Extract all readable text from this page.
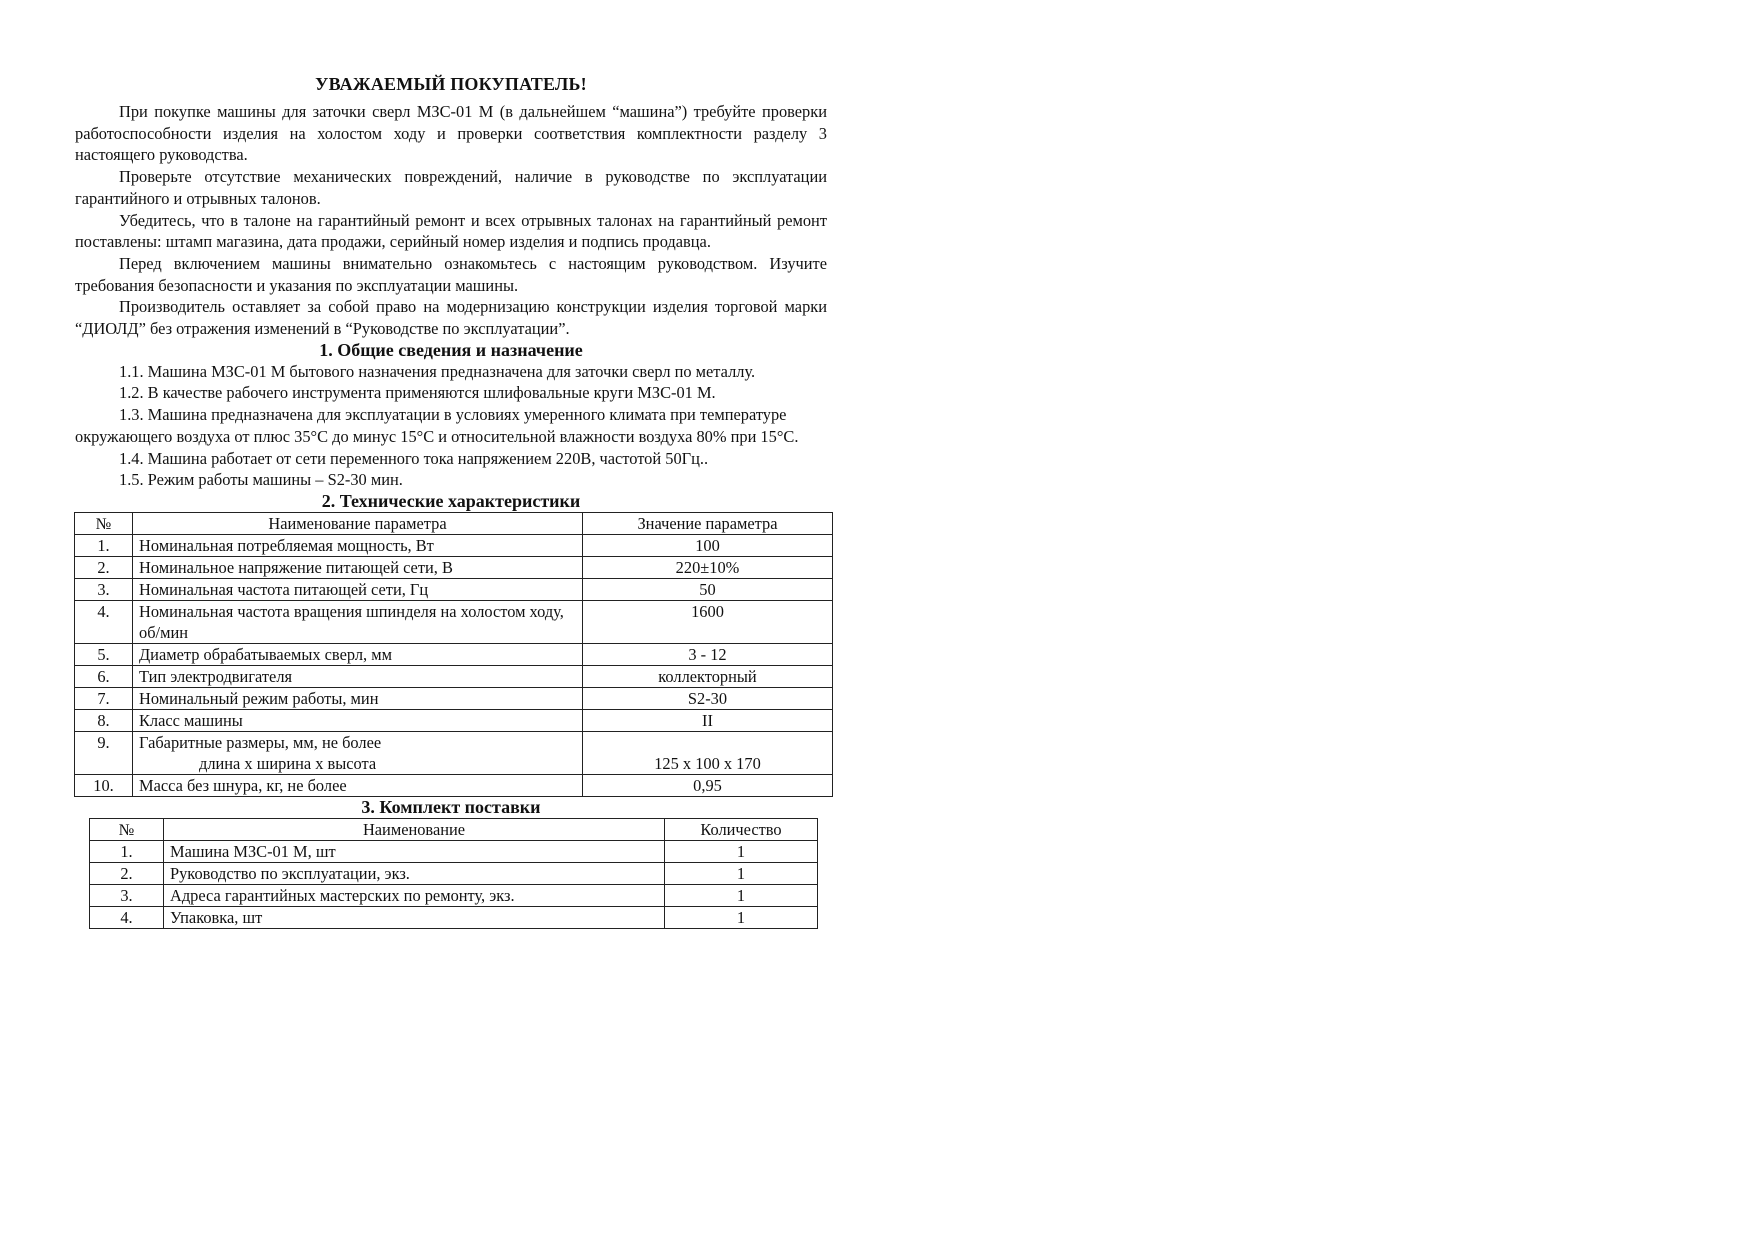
УВАЖАЕМЫЙ ПОКУПАТЕЛЬ!

При покупке машины для заточки сверл МЗС-01 М (в дальнейшем “машина”) требуйте проверки работоспособности изделия на холостом ходу и проверки соответствия комплектности разделу 3 настоящего руководства.

Проверьте отсутствие механических повреждений, наличие в руководстве по эксплуатации гарантийного и отрывных талонов.

Убедитесь, что в талоне на гарантийный ремонт и всех отрывных талонах на гарантийный ремонт поставлены: штамп магазина, дата продажи, серийный номер изделия и подпись продавца.

Перед включением машины внимательно ознакомьтесь с настоящим руководством. Изучите требования безопасности и указания по эксплуатации машины.

Производитель оставляет за собой право на модернизацию конструкции изделия торговой марки “ДИОЛД” без отражения изменений в “Руководстве по эксплуатации”.

1. Общие сведения и назначение

1.1. Машина МЗС-01 М бытового назначения предназначена для заточки сверл по металлу.

1.2. В качестве рабочего инструмента применяются шлифовальные круги МЗС-01 М.

1.3. Машина предназначена для эксплуатации в условиях умеренного климата при температуре окружающего воздуха от плюс 35°С до минус 15°С и относительной влажности воздуха 80% при 15°С.

1.4. Машина работает от сети переменного тока напряжением 220В, частотой 50Гц..

1.5. Режим работы машины – S2-30 мин.

2. Технические характеристики
№	Наименование параметра	Значение параметра
1.	Номинальная потребляемая мощность, Вт	100
2.	Номинальное напряжение питающей сети, В	220±10%
3.	Номинальная частота питающей сети, Гц	50
4.	Номинальная частота вращения шпинделя на холостом ходу, об/мин	1600
5.	Диаметр обрабатываемых сверл, мм	3 - 12
6.	Тип электродвигателя	коллекторный
7.	Номинальный режим работы, мин	S2-30
8.	Класс машины	II
9.	Габаритные размеры, мм, не более
длина х ширина х высота	125 х 100 х 170
10.	Масса без шнура, кг, не более	0,95
3. Комплект поставки
№	Наименование	Количество
1.	Машина МЗС-01 М, шт	1
2.	Руководство по эксплуатации, экз.	1
3.	Адреса гарантийных мастерских по ремонту, экз.	1
4.	Упаковка, шт	1
